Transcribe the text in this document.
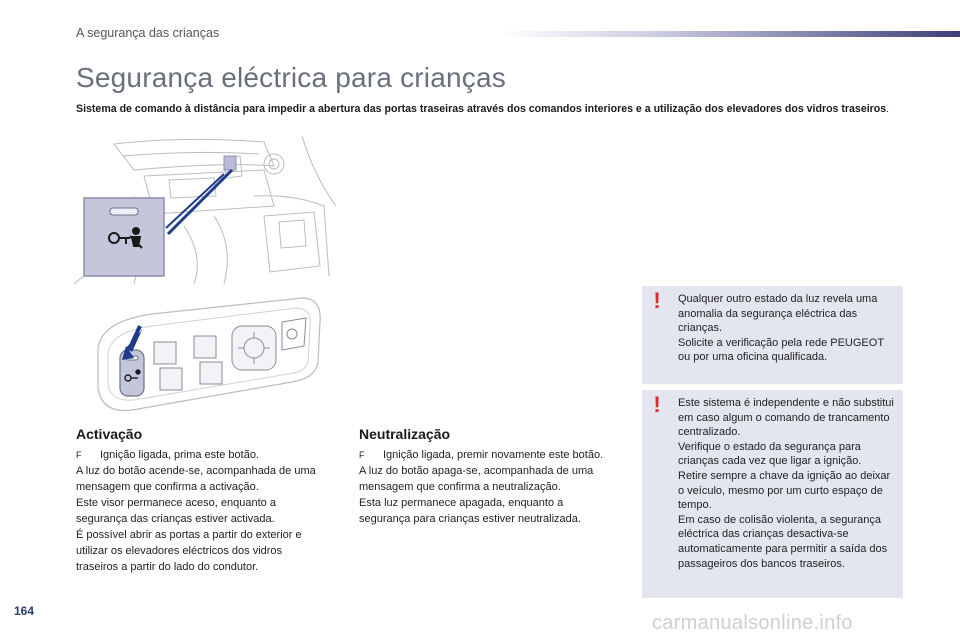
A segurança das crianças
Segurança eléctrica para crianças
Sistema de comando à distância para impedir a abertura das portas traseiras através dos comandos interiores e a utilização dos elevadores dos vidros traseiros.
Activação
F Ignição ligada, prima este botão.
A luz do botão acende-se, acompanhada de uma mensagem que confirma a activação.
Este visor permanece aceso, enquanto a segurança das crianças estiver activada.
É possível abrir as portas a partir do exterior e utilizar os elevadores eléctricos dos vidros traseiros a partir do lado do condutor.
Neutralização
F Ignição ligada, premir novamente este botão.
A luz do botão apaga-se, acompanhada de uma mensagem que confirma a neutralização.
Esta luz permanece apagada, enquanto a segurança para crianças estiver neutralizada.
!	Qualquer outro estado da luz revela uma anomalia da segurança eléctrica das crianças.
Solicite a verificação pela rede PEUGEOT ou por uma oficina qualificada.
!	Este sistema é independente e não substitui em caso algum o comando de trancamento centralizado.
Verifique o estado da segurança para crianças cada vez que ligar a ignição.
Retire sempre a chave da ignição ao deixar o veículo, mesmo por um curto espaço de tempo.
Em caso de colisão violenta, a segurança eléctrica das crianças desactiva-se automaticamente para permitir a saída dos passageiros dos bancos traseiros.
164
carmanualsonline.info
